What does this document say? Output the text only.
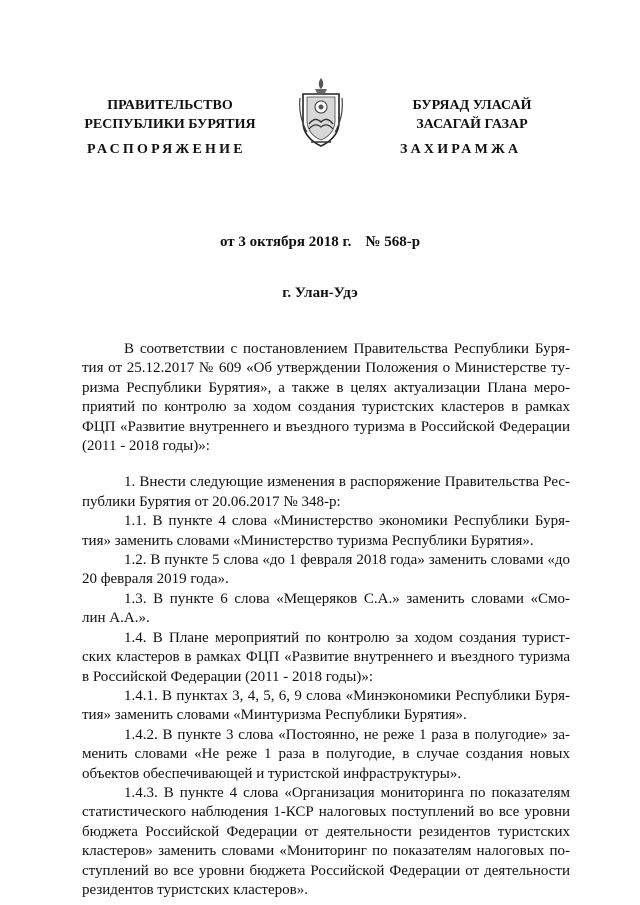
ПРАВИТЕЛЬСТВО
РЕСПУБЛИКИ БУРЯТИЯ
БУРЯАД УЛАСАЙ
ЗАСАГАЙ ГАЗАР
РАСПОРЯЖЕНИЕ	ЗАХИРАМЖА
от 3 октября 2018 г. № 568-р
г. Улан-Удэ
В соответствии с постановлением Правительства Республики Буря-
тия от 25.12.2017 № 609 «Об утверждении Положения о Министерстве ту-
ризма Республики Бурятия», а также в целях актуализации Плана меро-
приятий по контролю за ходом создания туристских кластеров в рамках
ФЦП «Развитие внутреннего и въездного туризма в Российской Федерации
(2011 - 2018 годы)»:
1. Внести следующие изменения в распоряжение Правительства Рес-
публики Бурятия от 20.06.2017 № 348-р:
1.1. В пункте 4 слова «Министерство экономики Республики Буря-
тия» заменить словами «Министерство туризма Республики Бурятия».
1.2. В пункте 5 слова «до 1 февраля 2018 года» заменить словами «до
20 февраля 2019 года».
1.3. В пункте 6 слова «Мещеряков С.А.» заменить словами «Смо-
лин А.А.».
1.4. В Плане мероприятий по контролю за ходом создания турист-
ских кластеров в рамках ФЦП «Развитие внутреннего и въездного туризма
в Российской Федерации (2011 - 2018 годы)»:
1.4.1. В пунктах 3, 4, 5, 6, 9 слова «Минэкономики Республики Буря-
тия» заменить словами «Минтуризма Республики Бурятия».
1.4.2. В пункте 3 слова «Постоянно, не реже 1 раза в полугодие» за-
менить словами «Не реже 1 раза в полугодие, в случае создания новых
объектов обеспечивающей и туристской инфраструктуры».
1.4.3. В пункте 4 слова «Организация мониторинга по показателям
статистического наблюдения 1-КСР налоговых поступлений во все уровни
бюджета Российской Федерации от деятельности резидентов туристских
кластеров» заменить словами «Мониторинг по показателям налоговых по-
ступлений во все уровни бюджета Российской Федерации от деятельности
резидентов туристских кластеров».
